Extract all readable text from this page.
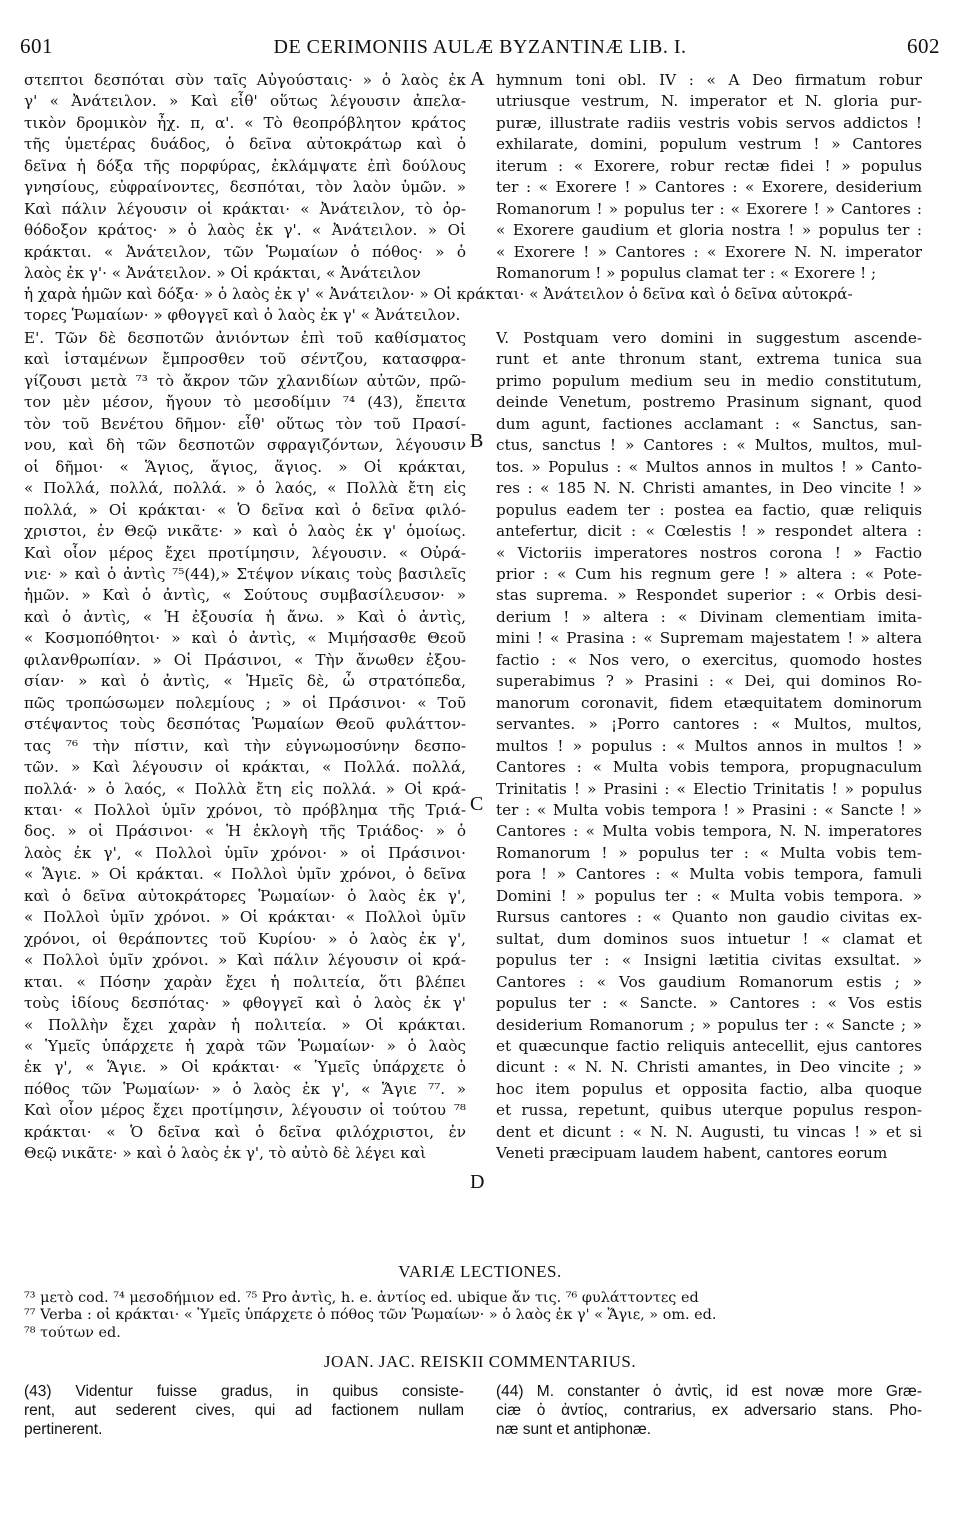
601	DE CERIMONIIS AULÆ BYZANTINÆ LIB. I.	602
στεπτοι δεσπόται σὺν ταῖς Αὐγούσταις· » ὁ λαὸς ἐκ
γ' « Ἀνάτειλον. » Καὶ εἶθ' οὕτως λέγουσιν ἀπελα-
τικὸν δρομικὸν ἦχ. π, α'. « Τὸ θεοπρόβλητον κράτος
τῆς ὑμετέρας δυάδος, ὁ δεῖνα αὐτοκράτωρ καὶ ὁ
δεῖνα ἡ δόξα τῆς πορφύρας, ἐκλάμψατε ἐπὶ δούλους
γνησίους, εὐφραίνοντες, δεσπόται, τὸν λαὸν ὑμῶν. »
Καὶ πάλιν λέγουσιν οἱ κράκται· « Ἀνάτειλον, τὸ ὀρ-
θόδοξον κράτος· » ὁ λαὸς ἐκ γ'. « Ἀνάτειλον. » Οἱ
κράκται. « Ἀνάτειλον, τῶν Ῥωμαίων ὁ πόθος· » ὁ
λαὸς ἐκ γ'· « Ἀνάτειλον. » Οἱ κράκται, « Ἀνάτειλον
hymnum toni obl. IV : « A Deo firmatum robur
utriusque vestrum, N. imperator et N. gloria pur-
puræ, illustrate radiis vestris vobis servos addictos !
exhilarate, domini, populum vestrum ! » Cantores
iterum : « Exorere, robur rectæ fidei ! » populus
ter : « Exorere ! » Cantores : « Exorere, desiderium
Romanorum ! » populus ter : « Exorere ! » Cantores :
« Exorere gaudium et gloria nostra ! » populus ter :
« Exorere ! » Cantores : « Exorere N. N. imperator
Romanorum ! » populus clamat ter : « Exorere ! ;
A
ἡ χαρὰ ἡμῶν καὶ δόξα· » ὁ λαὸς ἐκ γ' « Ἀνάτειλον· » Οἱ κράκται· « Ἀνάτειλον ὁ δεῖνα καὶ ὁ δεῖνα αὐτοκρά-
τορες Ῥωμαίων· » φθογγεῖ καὶ ὁ λαὸς ἐκ γ' « Ἀνάτειλον.
Ε'. Τῶν δὲ δεσποτῶν ἀνιόντων ἐπὶ τοῦ καθίσματος
καὶ ἱσταμένων ἔμπροσθεν τοῦ σέντζου, κατασφρα-
γίζουσι μετὰ ⁷³ τὸ ἄκρον τῶν χλανιδίων αὐτῶν, πρῶ-
τον μὲν μέσον, ἤγουν τὸ μεσοδίμιν ⁷⁴ (43), ἔπειτα
τὸν τοῦ Βενέτου δῆμον· εἶθ' οὕτως τὸν τοῦ Πρασί-
νου, καὶ δὴ τῶν δεσποτῶν σφραγιζόντων, λέγουσιν
οἱ δῆμοι· « Ἅγιος, ἅγιος, ἅγιος. » Οἱ κράκται,
« Πολλά, πολλά, πολλά. » ὁ λαός, « Πολλὰ ἔτη εἰς
πολλά, » Οἱ κράκται· « Ὁ δεῖνα καὶ ὁ δεῖνα φιλό-
χριστοι, ἐν Θεῷ νικᾶτε· » καὶ ὁ λαὸς ἐκ γ' ὁμοίως.
Καὶ οἷον μέρος ἔχει προτίμησιν, λέγουσιν. « Οὐρά-
νιε· » καὶ ὁ ἀντὶς ⁷⁵(44),» Στέψον νίκαις τοὺς βασιλεῖς
ἡμῶν. » Καὶ ὁ ἀντὶς, « Σούτους συμβασίλευσον· »
καὶ ὁ ἀντὶς, « Ἡ ἐξουσία ἡ ἄνω. » Καὶ ὁ ἀντὶς,
« Κοσμοπόθητοι· » καὶ ὁ ἀντὶς, « Μιμήσασθε Θεοῦ
φιλανθρωπίαν. » Οἱ Πράσινοι, « Τὴν ἄνωθεν ἐξου-
σίαν· » καὶ ὁ ἀντὶς, « Ἡμεῖς δὲ, ὦ στρατόπεδα,
πῶς τροπώσωμεν πολεμίους ; » οἱ Πράσινοι· « Τοῦ
στέψαντος τοὺς δεσπότας Ῥωμαίων Θεοῦ φυλάττον-
τας ⁷⁶ τὴν πίστιν, καὶ τὴν εὐγνωμοσύνην δεσπο-
τῶν. » Καὶ λέγουσιν οἱ κράκται, « Πολλά. πολλά,
πολλά· » ὁ λαός, « Πολλὰ ἔτη εἰς πολλά. » Οἱ κρά-
κται· « Πολλοὶ ὑμῖν χρόνοι, τὸ πρόβλημα τῆς Τριά-
δος. » οἱ Πράσινοι· « Ἡ ἐκλογὴ τῆς Τριάδος· » ὁ
λαὸς ἐκ γ', « Πολλοὶ ὑμῖν χρόνοι· » οἱ Πράσινοι·
« Ἅγιε. » Οἱ κράκται. « Πολλοὶ ὑμῖν χρόνοι, ὁ δεῖνα
καὶ ὁ δεῖνα αὐτοκράτορες Ῥωμαίων· ὁ λαὸς ἐκ γ',
« Πολλοὶ ὑμῖν χρόνοι. » Οἱ κράκται· « Πολλοὶ ὑμῖν
χρόνοι, οἱ θεράποντες τοῦ Κυρίου· » ὁ λαὸς ἐκ γ',
« Πολλοὶ ὑμῖν χρόνοι. » Καὶ πάλιν λέγουσιν οἱ κρά-
κται. « Πόσην χαρὰν ἔχει ἡ πολιτεία, ὅτι βλέπει
τοὺς ἰδίους δεσπότας· » φθογγεῖ καὶ ὁ λαὸς ἐκ γ'
« Πολλὴν ἔχει χαρὰν ἡ πολιτεία. » Οἱ κράκται.
« Ὑμεῖς ὑπάρχετε ἡ χαρὰ τῶν Ῥωμαίων· » ὁ λαὸς
ἐκ γ', « Ἅγιε. » Οἱ κράκται· « Ὑμεῖς ὑπάρχετε ὁ
πόθος τῶν Ῥωμαίων· » ὁ λαὸς ἐκ γ', « Ἅγιε ⁷⁷. »
Καὶ οἷον μέρος ἔχει προτίμησιν, λέγουσιν οἱ τούτου ⁷⁸
κράκται· « Ὁ δεῖνα καὶ ὁ δεῖνα φιλόχριστοι, ἐν
Θεῷ νικᾶτε· » καὶ ὁ λαὸς ἐκ γ', τὸ αὐτὸ δὲ λέγει καὶ
V. Postquam vero domini in suggestum ascende-
runt et ante thronum stant, extrema tunica sua
primo populum medium seu in medio constitutum,
deinde Venetum, postremo Prasinum signant, quod
dum agunt, factiones acclamant : « Sanctus, san-
ctus, sanctus ! » Cantores : « Multos, multos, mul-
tos. » Populus : « Multos annos in multos ! » Canto-
res : « 185 N. N. Christi amantes, in Deo vincite ! »
populus eadem ter : postea ea factio, quæ reliquis
antefertur, dicit : « Cœlestis ! » respondet altera :
« Victoriis imperatores nostros corona ! » Factio
prior : « Cum his regnum gere ! » altera : « Pote-
stas suprema. » Respondet superior : « Orbis desi-
derium ! » altera : « Divinam clementiam imita-
mini ! « Prasina : « Supremam majestatem ! » altera
factio : « Nos vero, o exercitus, quomodo hostes
superabimus ? » Prasini : « Dei, qui dominos Ro-
manorum coronavit, fidem etæquitatem dominorum
servantes. » ¡Porro cantores : « Multos, multos,
multos ! » populus : « Multos annos in multos ! »
Cantores : « Multa vobis tempora, propugnaculum
Trinitatis ! » Prasini : « Electio Trinitatis ! » populus
ter : « Multa vobis tempora ! » Prasini : « Sancte ! »
Cantores : « Multa vobis tempora, N. N. imperatores
Romanorum ! » populus ter : « Multa vobis tem-
pora ! » Cantores : « Multa vobis tempora, famuli
Domini ! » populus ter : « Multa vobis tempora. »
Rursus cantores : « Quanto non gaudio civitas ex-
sultat, dum dominos suos intuetur ! « clamat et
populus ter : « Insigni lætitia civitas exsultat. »
Cantores : « Vos gaudium Romanorum estis ; »
populus ter : « Sancte. » Cantores : « Vos estis
desiderium Romanorum ; » populus ter : « Sancte ; »
et quæcunque factio reliquis antecellit, ejus cantores
dicunt : « N. N. Christi amantes, in Deo vincite ; »
hoc item populus et opposita factio, alba quoque
et russa, repetunt, quibus uterque populus respon-
dent et dicunt : « N. N. Augusti, tu vincas ! » et si
Veneti præcipuam laudem habent, cantores eorum
B
C
D
VARIÆ LECTIONES.
⁷³ μετὸ cod. ⁷⁴ μεσοδήμιον ed. ⁷⁵ Pro ἀντὶς, h. e. ἀντίος ed. ubique ἄν τις. ⁷⁶ φυλάττοντες ed
⁷⁷ Verba : οἱ κράκται· « Ὑμεῖς ὑπάρχετε ὁ πόθος τῶν Ῥωμαίων· » ὁ λαὸς ἐκ γ' « Ἅγιε, » om. ed.
⁷⁸ τούτων ed.
JOAN. JAC. REISKII COMMENTARIUS.
(43) Videntur fuisse gradus, in quibus consiste-
rent, aut sederent cives, qui ad factionem nullam
pertinerent.
(44) M. constanter ὁ ἀντὶς, id est novæ more Græ-
ciæ ὁ ἀντίος, contrarius, ex adversario stans. Pho-
næ sunt et antiphonæ.
